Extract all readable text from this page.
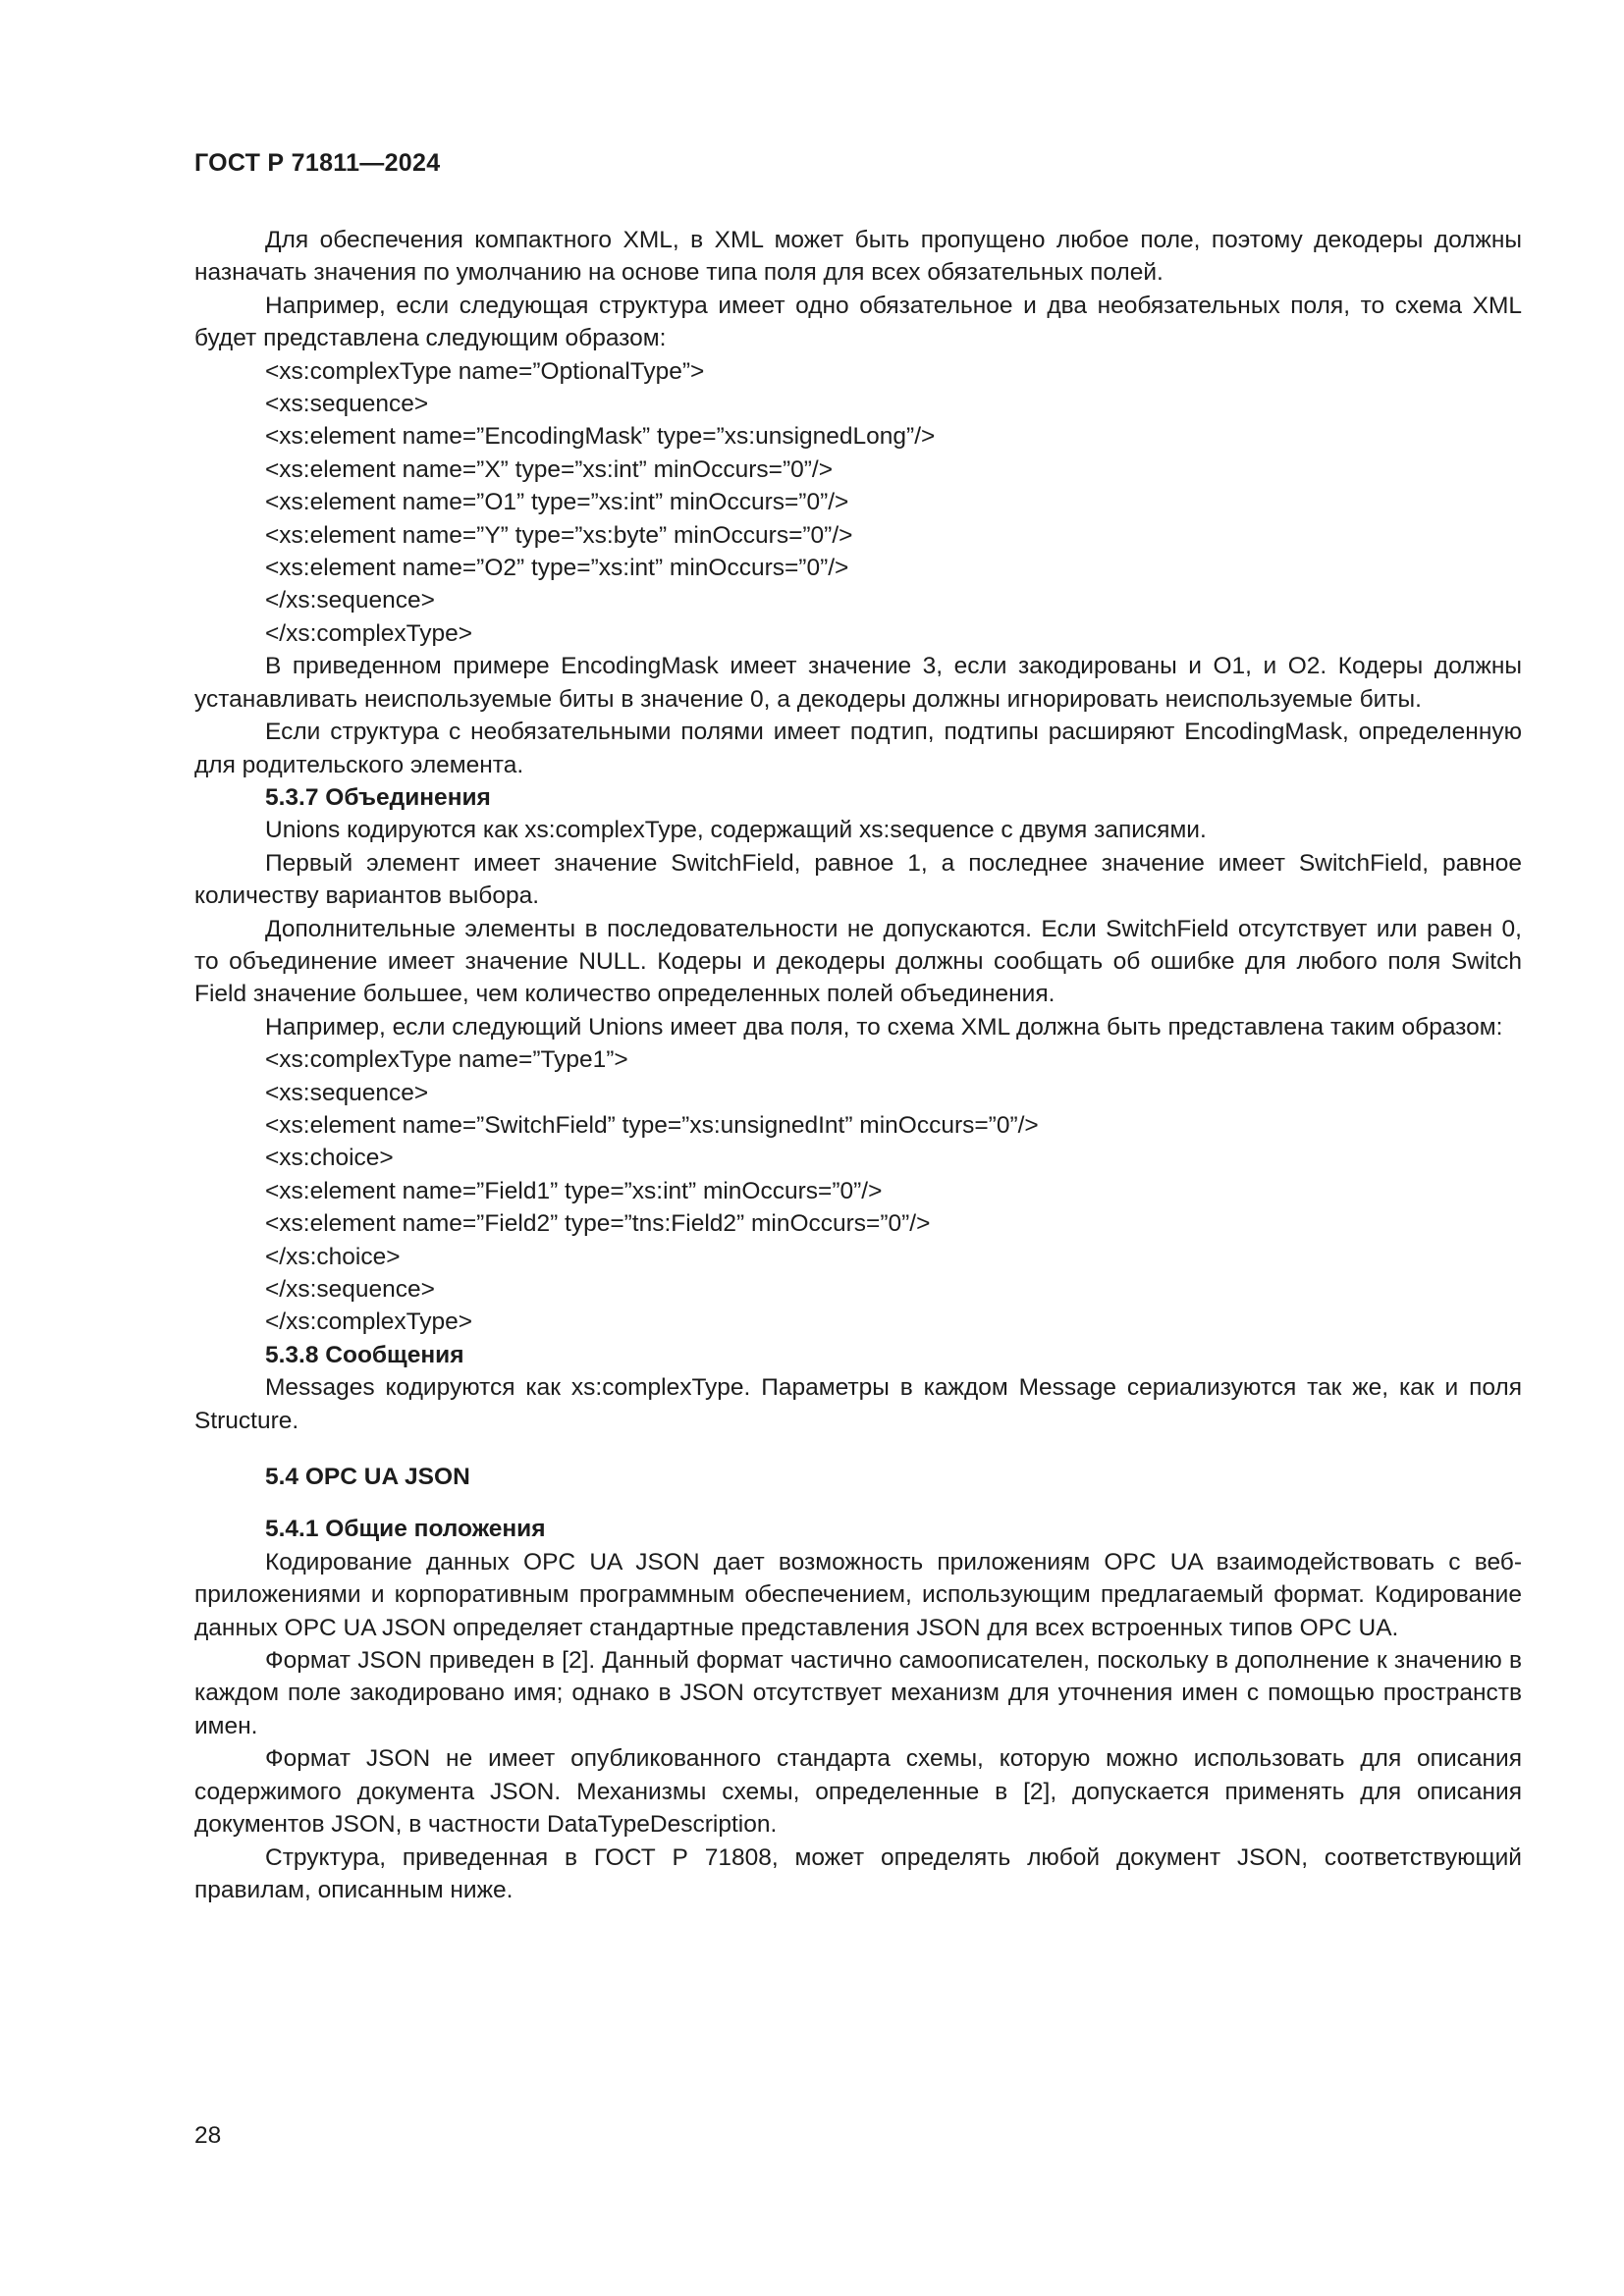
ГОСТ Р 71811—2024

Для обеспечения компактного XML, в XML может быть пропущено любое поле, поэтому декодеры должны назначать значения по умолчанию на основе типа поля для всех обязательных полей.

Например, если следующая структура имеет одно обязательное и два необязательных поля, то схема XML будет представлена следующим образом:

<xs:complexType name=”OptionalType”>
<xs:sequence>
<xs:element name=”EncodingMask” type=”xs:unsignedLong”/>
<xs:element name=”X” type=”xs:int” minOccurs=”0”/>
<xs:element name=”O1” type=”xs:int” minOccurs=”0”/>
<xs:element name=”Y” type=”xs:byte” minOccurs=”0”/>
<xs:element name=”O2” type=”xs:int” minOccurs=”0”/>
</xs:sequence>
</xs:complexType>

В приведенном примере EncodingMask имеет значение 3, если закодированы и O1, и O2. Кодеры должны устанавливать неиспользуемые биты в значение 0, а декодеры должны игнорировать неиспользуемые биты.

Если структура с необязательными полями имеет подтип, подтипы расширяют EncodingMask, определенную для родительского элемента.

5.3.7 Объединения

Unions кодируются как xs:complexType, содержащий xs:sequence с двумя записями.

Первый элемент имеет значение SwitchField, равное 1, а последнее значение имеет SwitchField, равное количеству вариантов выбора.

Дополнительные элементы в последовательности не допускаются. Если SwitchField отсутствует или равен 0, то объединение имеет значение NULL. Кодеры и декодеры должны сообщать об ошибке для любого поля Switch Field значение большее, чем количество определенных полей объединения.

Например, если следующий Unions имеет два поля, то схема XML должна быть представлена таким образом:

<xs:complexType name=”Type1”>
<xs:sequence>
<xs:element name=”SwitchField” type=”xs:unsignedInt” minOccurs=”0”/>
<xs:choice>
<xs:element name=”Field1” type=”xs:int” minOccurs=”0”/>
<xs:element name=”Field2” type=”tns:Field2” minOccurs=”0”/>
</xs:choice>
</xs:sequence>
</xs:complexType>
5.3.8 Сообщения

Messages кодируются как xs:complexType. Параметры в каждом Message сериализуются так же, как и поля Structure.

5.4 OPC UA JSON
5.4.1 Общие положения

Кодирование данных OPC UA JSON дает возможность приложениям OPC UA взаимодействовать с веб-приложениями и корпоративным программным обеспечением, использующим предлагаемый формат. Кодирование данных OPC UA JSON определяет стандартные представления JSON для всех встроенных типов OPC UA.

Формат JSON приведен в [2]. Данный формат частично самоописателен, поскольку в дополнение к значению в каждом поле закодировано имя; однако в JSON отсутствует механизм для уточнения имен с помощью пространств имен.

Формат JSON не имеет опубликованного стандарта схемы, которую можно использовать для описания содержимого документа JSON. Механизмы схемы, определенные в [2], допускается применять для описания документов JSON, в частности DataTypeDescription.

Структура, приведенная в ГОСТ Р 71808, может определять любой документ JSON, соответствующий правилам, описанным ниже.

28
